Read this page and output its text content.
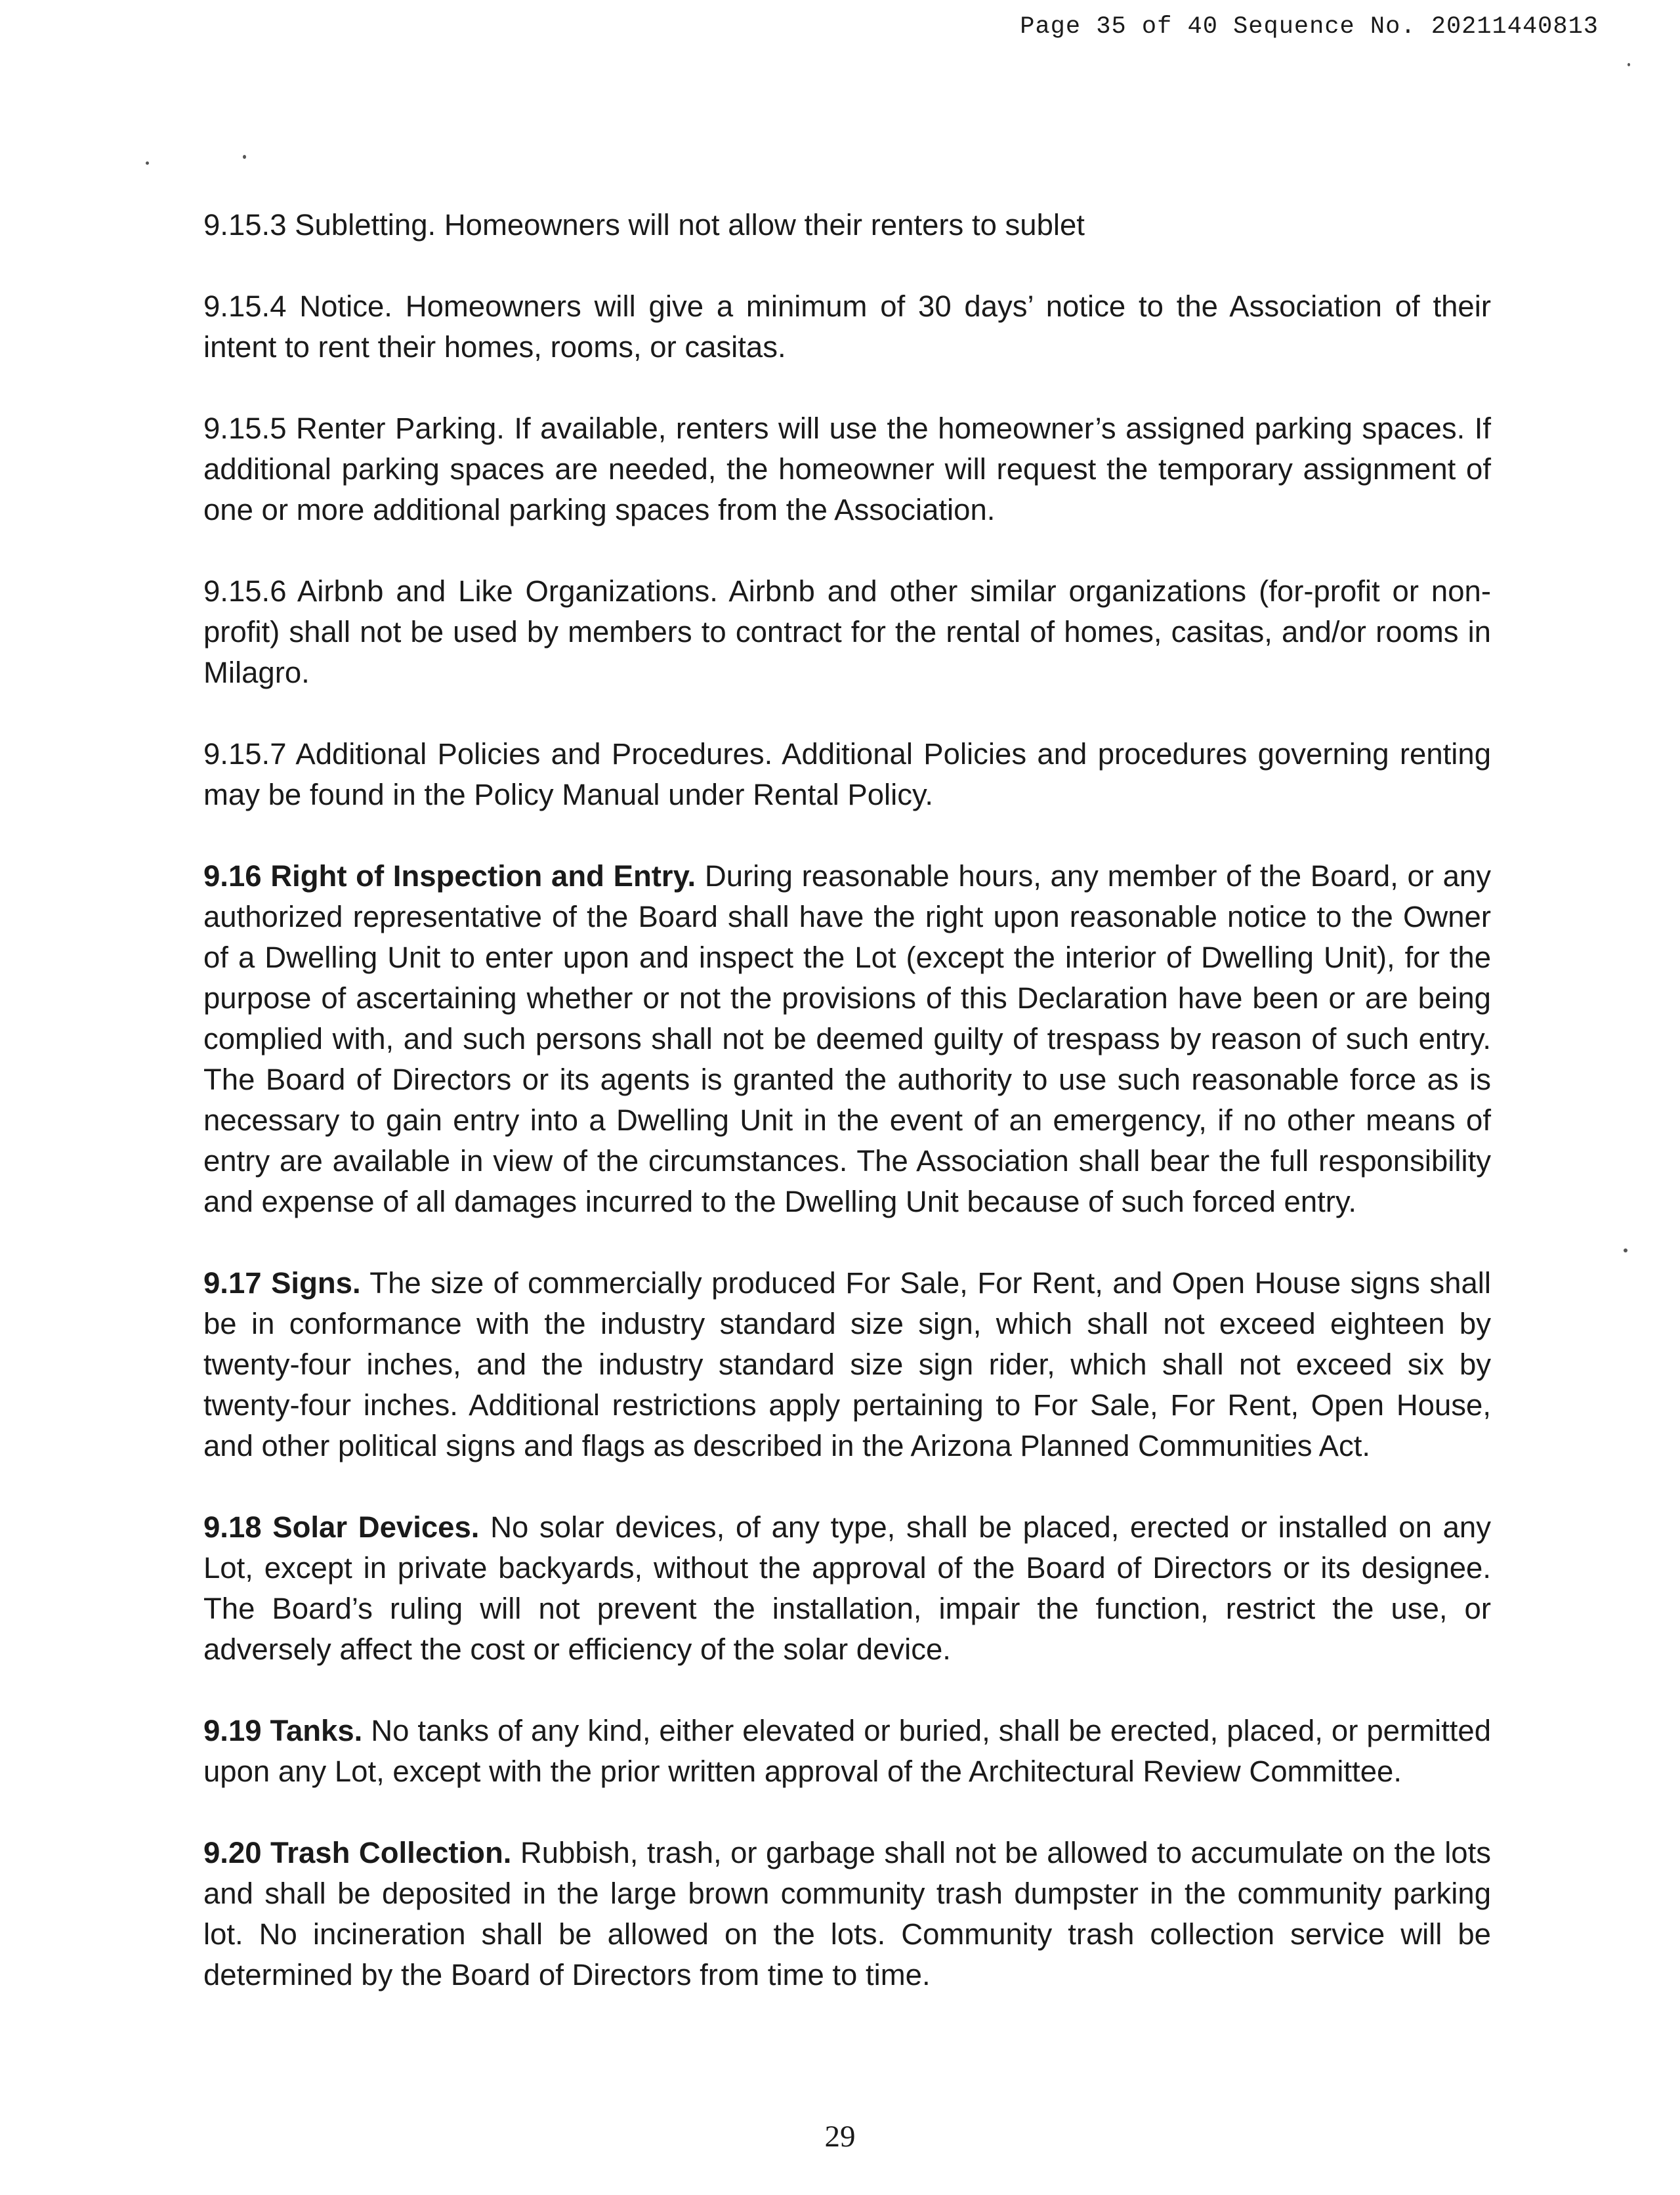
Page 35 of 40 Sequence No. 20211440813

9.15.3 Subletting. Homeowners will not allow their renters to sublet

9.15.4 Notice. Homeowners will give a minimum of 30 days’ notice to the Association of their intent to rent their homes, rooms, or casitas.

9.15.5 Renter Parking. If available, renters will use the homeowner’s assigned parking spaces. If additional parking spaces are needed, the homeowner will request the temporary assignment of one or more additional parking spaces from the Association.

9.15.6 Airbnb and Like Organizations. Airbnb and other similar organizations (for-profit or non-profit) shall not be used by members to contract for the rental of homes, casitas, and/or rooms in Milagro.

9.15.7 Additional Policies and Procedures. Additional Policies and procedures governing renting may be found in the Policy Manual under Rental Policy.

9.16 Right of Inspection and Entry. During reasonable hours, any member of the Board, or any authorized representative of the Board shall have the right upon reasonable notice to the Owner of a Dwelling Unit to enter upon and inspect the Lot (except the interior of Dwelling Unit), for the purpose of ascertaining whether or not the provisions of this Declaration have been or are being complied with, and such persons shall not be deemed guilty of trespass by reason of such entry. The Board of Directors or its agents is granted the authority to use such reasonable force as is necessary to gain entry into a Dwelling Unit in the event of an emergency, if no other means of entry are available in view of the circumstances. The Association shall bear the full responsibility and expense of all damages incurred to the Dwelling Unit because of such forced entry.

9.17 Signs. The size of commercially produced For Sale, For Rent, and Open House signs shall be in conformance with the industry standard size sign, which shall not exceed eighteen by twenty-four inches, and the industry standard size sign rider, which shall not exceed six by twenty-four inches. Additional restrictions apply pertaining to For Sale, For Rent, Open House, and other political signs and flags as described in the Arizona Planned Communities Act.

9.18 Solar Devices. No solar devices, of any type, shall be placed, erected or installed on any Lot, except in private backyards, without the approval of the Board of Directors or its designee. The Board’s ruling will not prevent the installation, impair the function, restrict the use, or adversely affect the cost or efficiency of the solar device.

9.19 Tanks. No tanks of any kind, either elevated or buried, shall be erected, placed, or permitted upon any Lot, except with the prior written approval of the Architectural Review Committee.

9.20 Trash Collection. Rubbish, trash, or garbage shall not be allowed to accumulate on the lots and shall be deposited in the large brown community trash dumpster in the community parking lot. No incineration shall be allowed on the lots. Community trash collection service will be determined by the Board of Directors from time to time.

29
